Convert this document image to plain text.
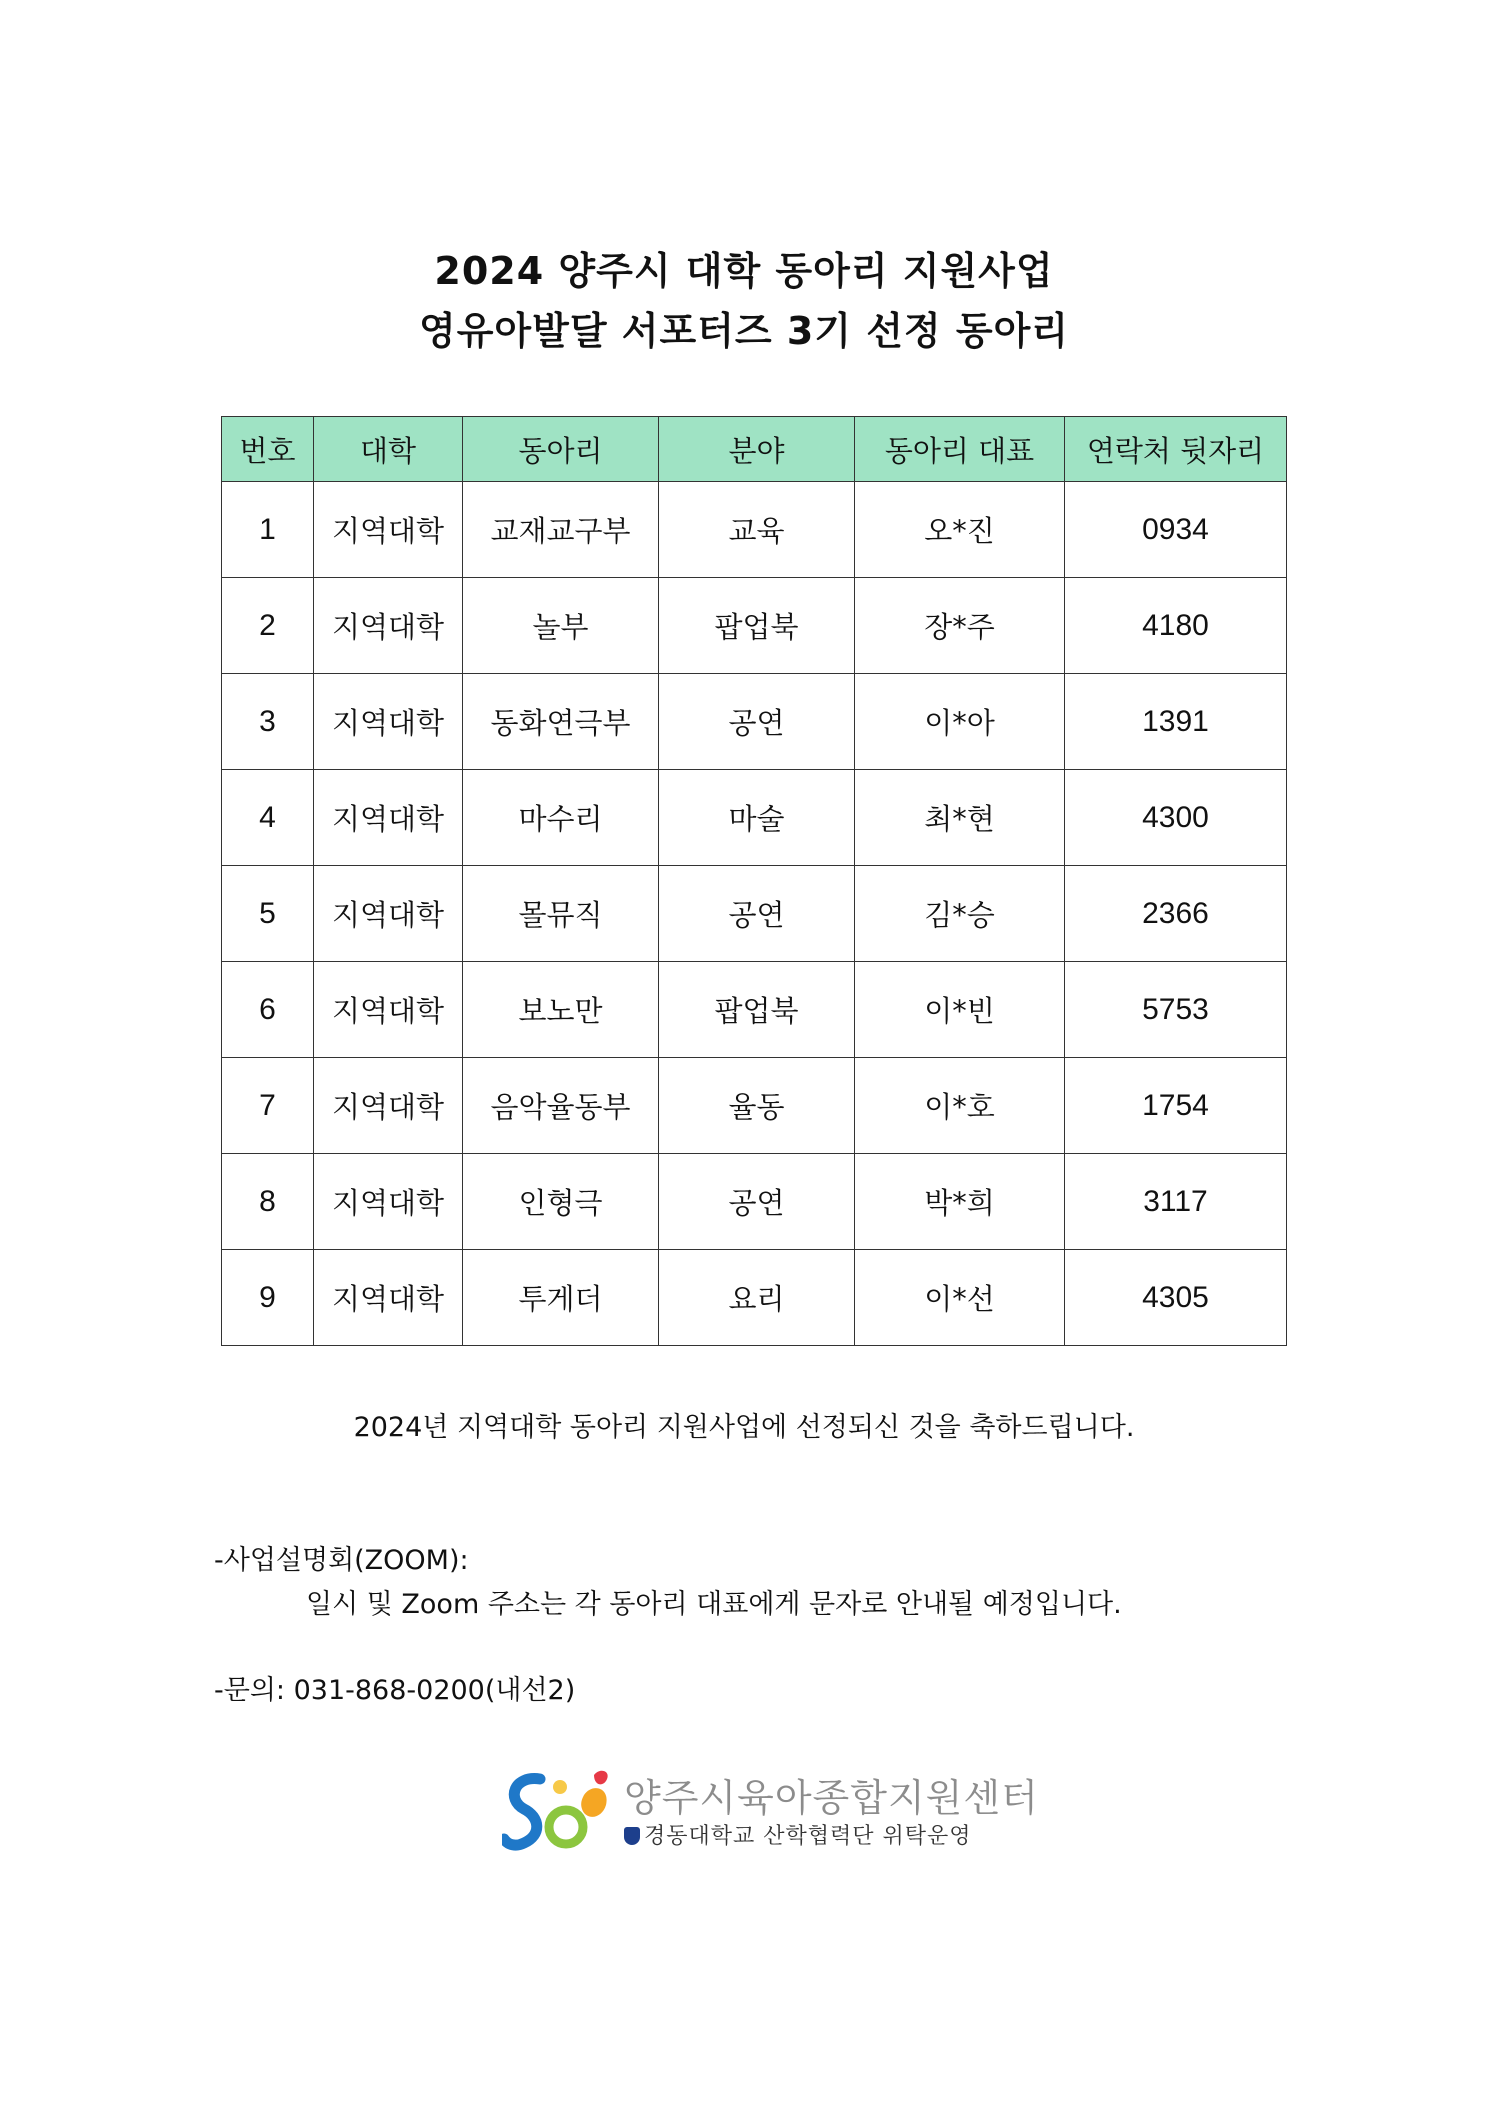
2024 양주시 대학 동아리 지원사업
영유아발달 서포터즈 3기 선정 동아리
번호	대학	동아리	분야	동아리 대표	연락처 뒷자리
1	지역대학	교재교구부	교육	오*진	0934
2	지역대학	놀부	팝업북	장*주	4180
3	지역대학	동화연극부	공연	이*아	1391
4	지역대학	마수리	마술	최*현	4300
5	지역대학	몰뮤직	공연	김*승	2366
6	지역대학	보노만	팝업북	이*빈	5753
7	지역대학	음악율동부	율동	이*호	1754
8	지역대학	인형극	공연	박*희	3117
9	지역대학	투게더	요리	이*선	4305
2024년 지역대학 동아리 지원사업에 선정되신 것을 축하드립니다.
-사업설명회(ZOOM):
일시 및 Zoom 주소는 각 동아리 대표에게 문자로 안내될 예정입니다.
-문의: 031-868-0200(내선2)
양주시육아종합지원센터
경동대학교 산학협력단 위탁운영
